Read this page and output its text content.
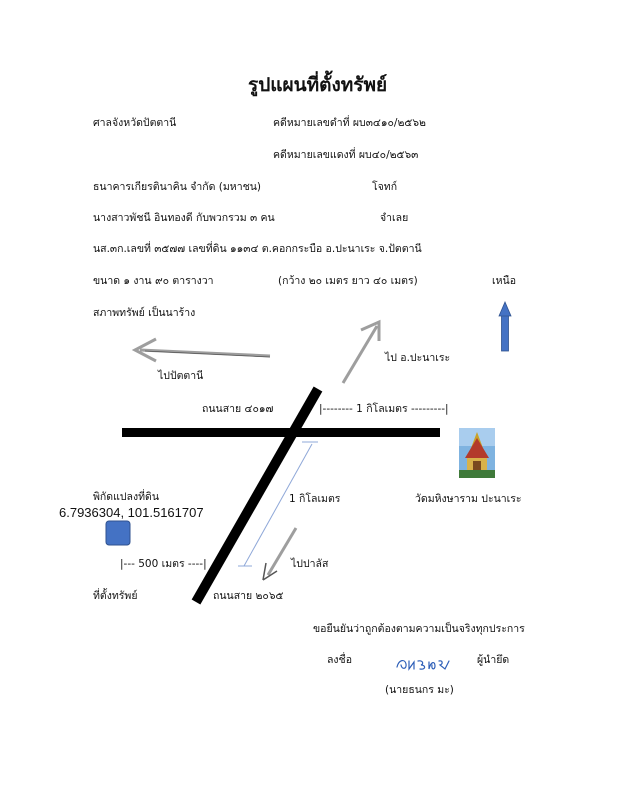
รูปแผนที่ตั้งทรัพย์
ศาลจังหวัดปัตตานี	คดีหมายเลขดำที่ ผบ๓๔๑๐/๒๕๖๒
คดีหมายเลขแดงที่ ผบ๔๐/๒๕๖๓
ธนาคารเกียรตินาคิน จำกัด (มหาชน)	โจทก์
นางสาวพัชนี อินทองดี กับพวกรวม ๓ คน	จำเลย
นส.๓ก.เลขที่ ๓๕๗๗ เลขที่ดิน ๑๑๓๔ ต.คอกกระบือ อ.ปะนาเระ จ.ปัตตานี
ขนาด ๑ งาน ๙๐ ตารางวา	(กว้าง ๒๐ เมตร ยาว ๔๐ เมตร)	เหนือ
สภาพทรัพย์ เป็นนาร้าง
ไปปัตตานี
ไป อ.ปะนาเระ
ถนนสาย ๔๐๑๗	|-------- 1 กิโลเมตร ---------|
1 กิโลเมตร	วัดมหิงษาราม ปะนาเระ
พิกัดแปลงที่ดิน
6.7936304, 101.5161707
|--- 500 เมตร ----|	ไปปาลัส
ที่ตั้งทรัพย์	ถนนสาย ๒๐๖๕
ขอยืนยันว่าถูกต้องตามความเป็นจริงทุกประการ
ลงชื่อ	ผู้นำยึด
(นายธนกร มะ)
